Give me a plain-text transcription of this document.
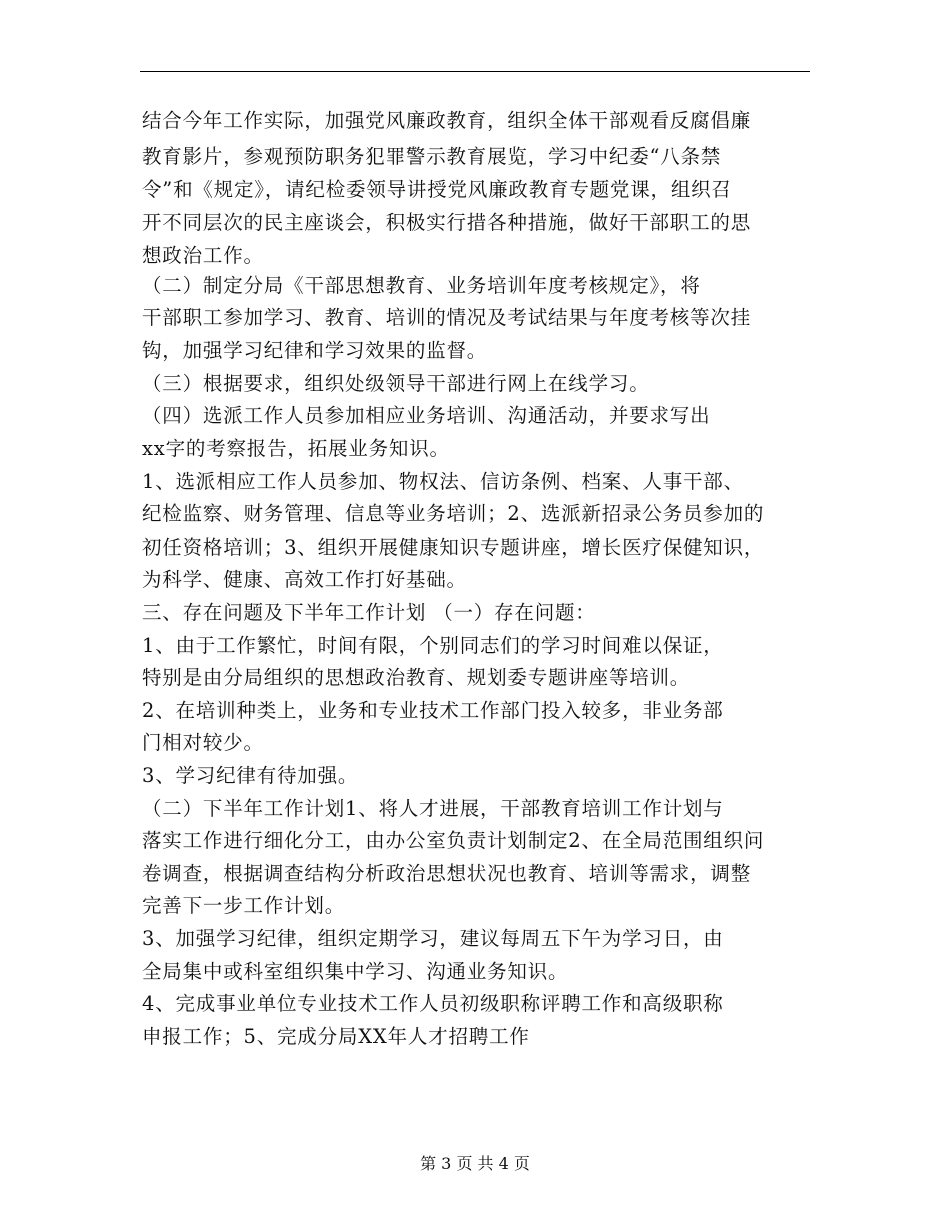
结合今年工作实际，加强党风廉政教育，组织全体干部观看反腐倡廉
教育影片，参观预防职务犯罪警示教育展览，学习中纪委“八条禁
令”和《规定》，请纪检委领导讲授党风廉政教育专题党课，组织召
开不同层次的民主座谈会，积极实行措各种措施，做好干部职工的思
想政治工作。
（二）制定分局《干部思想教育、业务培训年度考核规定》，将
干部职工参加学习、教育、培训的情况及考试结果与年度考核等次挂
钩，加强学习纪律和学习效果的监督。
（三）根据要求，组织处级领导干部进行网上在线学习。
（四）选派工作人员参加相应业务培训、沟通活动，并要求写出
xx字的考察报告，拓展业务知识。
1、选派相应工作人员参加、物权法、信访条例、档案、人事干部、
纪检监察、财务管理、信息等业务培训；2、选派新招录公务员参加的
初任资格培训；3、组织开展健康知识专题讲座，增长医疗保健知识，
为科学、健康、高效工作打好基础。
三、存在问题及下半年工作计划 （一）存在问题：
1、由于工作繁忙，时间有限，个别同志们的学习时间难以保证，
特别是由分局组织的思想政治教育、规划委专题讲座等培训。
2、在培训种类上，业务和专业技术工作部门投入较多，非业务部
门相对较少。
3、学习纪律有待加强。
（二）下半年工作计划1、将人才进展，干部教育培训工作计划与
落实工作进行细化分工，由办公室负责计划制定2、在全局范围组织问
卷调查，根据调查结构分析政治思想状况也教育、培训等需求，调整
完善下一步工作计划。
3、加强学习纪律，组织定期学习，建议每周五下午为学习日，由
全局集中或科室组织集中学习、沟通业务知识。
4、完成事业单位专业技术工作人员初级职称评聘工作和高级职称
申报工作；5、完成分局XX年人才招聘工作
第 3 页 共 4 页
